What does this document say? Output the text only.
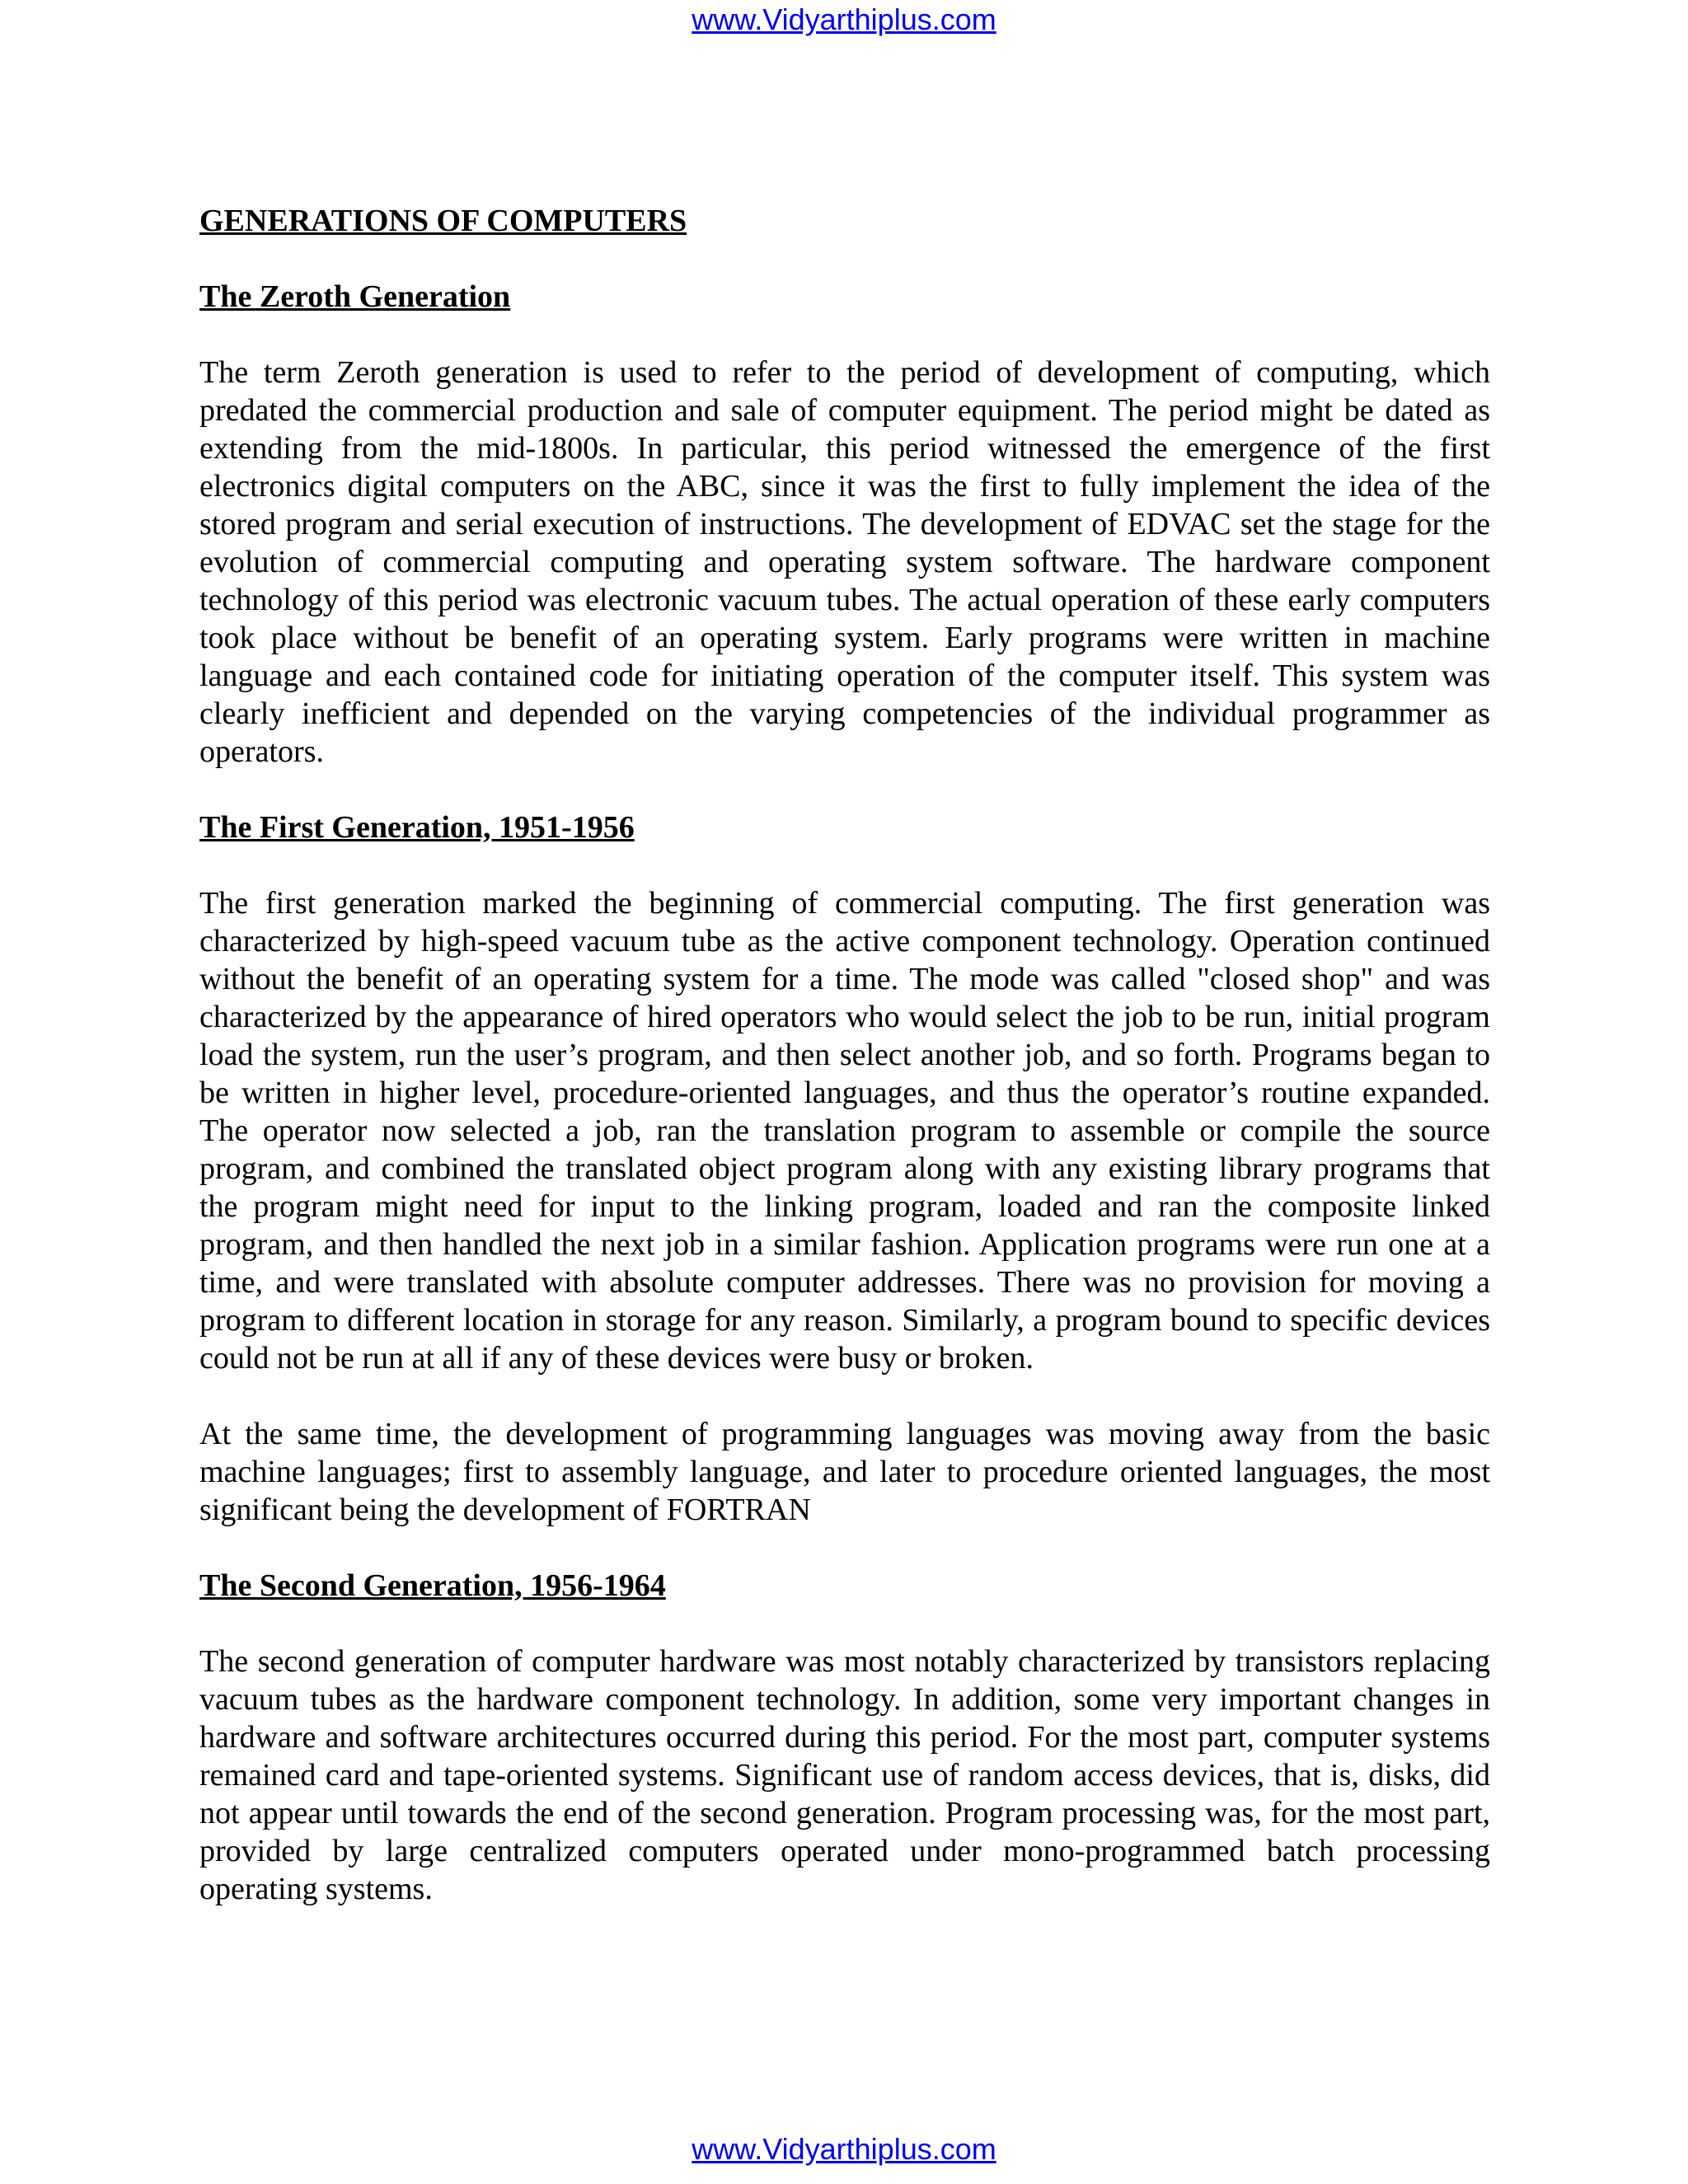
www.Vidyarthiplus.com

GENERATIONS OF COMPUTERS

The Zeroth Generation

The term Zeroth generation is used to refer to the period of development of computing, which predated the commercial production and sale of computer equipment. The period might be dated as extending from the mid-1800s. In particular, this period witnessed the emergence of the first electronics digital computers on the ABC, since it was the first to fully implement the idea of the stored program and serial execution of instructions. The development of EDVAC set the stage for the evolution of commercial computing and operating system software. The hardware component technology of this period was electronic vacuum tubes. The actual operation of these early computers took place without be benefit of an operating system. Early programs were written in machine language and each contained code for initiating operation of the computer itself. This system was clearly inefficient and depended on the varying competencies of the individual programmer as operators.

The First Generation, 1951-1956

The first generation marked the beginning of commercial computing. The first generation was characterized by high-speed vacuum tube as the active component technology. Operation continued without the benefit of an operating system for a time. The mode was called "closed shop" and was characterized by the appearance of hired operators who would select the job to be run, initial program load the system, run the user’s program, and then select another job, and so forth. Programs began to be written in higher level, procedure-oriented languages, and thus the operator’s routine expanded. The operator now selected a job, ran the translation program to assemble or compile the source program, and combined the translated object program along with any existing library programs that the program might need for input to the linking program, loaded and ran the composite linked program, and then handled the next job in a similar fashion. Application programs were run one at a time, and were translated with absolute computer addresses. There was no provision for moving a program to different location in storage for any reason. Similarly, a program bound to specific devices could not be run at all if any of these devices were busy or broken.

At the same time, the development of programming languages was moving away from the basic machine languages; first to assembly language, and later to procedure oriented languages, the most significant being the development of FORTRAN

The Second Generation, 1956-1964

The second generation of computer hardware was most notably characterized by transistors replacing vacuum tubes as the hardware component technology. In addition, some very important changes in hardware and software architectures occurred during this period. For the most part, computer systems remained card and tape-oriented systems. Significant use of random access devices, that is, disks, did not appear until towards the end of the second generation. Program processing was, for the most part, provided by large centralized computers operated under mono-programmed batch processing operating systems.

www.Vidyarthiplus.com
